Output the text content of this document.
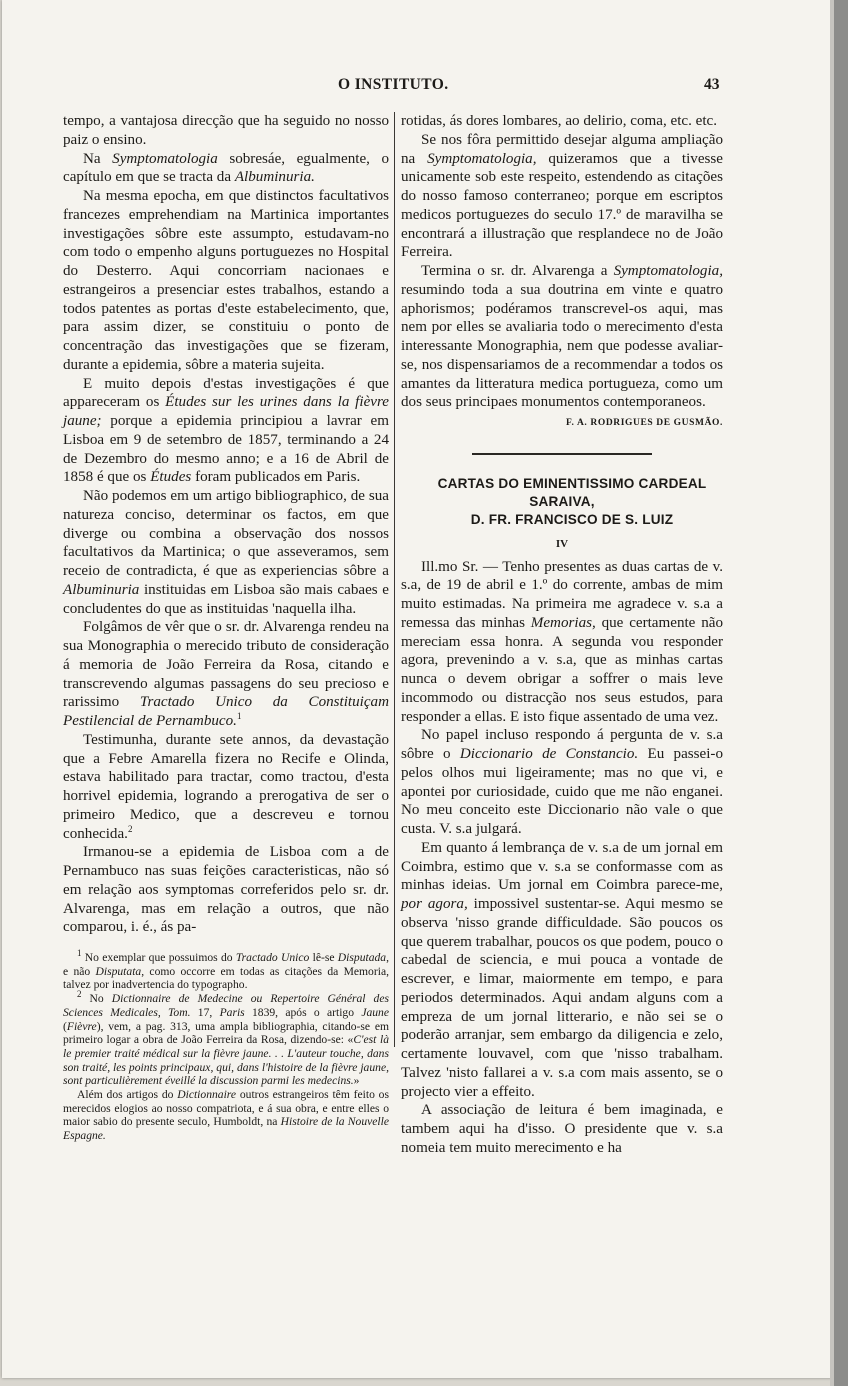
O INSTITUTO.	43

tempo, a vantajosa direcção que ha seguido no nosso paiz o ensino.

Na Symptomatologia sobresáe, egualmente, o capítulo em que se tracta da Albuminuria.

Na mesma epocha, em que distinctos facultativos francezes emprehendiam na Martinica importantes investigações sôbre este assumpto, estudavam-no com todo o empenho alguns portuguezes no Hospital do Desterro. Aqui concorriam nacionaes e estrangeiros a presenciar estes trabalhos, estando a todos patentes as portas d'este estabelecimento, que, para assim dizer, se constituiu o ponto de concentração das investigações que se fizeram, durante a epidemia, sôbre a materia sujeita.

E muito depois d'estas investigações é que appareceram os Études sur les urines dans la fièvre jaune; porque a epidemia principiou a lavrar em Lisboa em 9 de setembro de 1857, terminando a 24 de Dezembro do mesmo anno; e a 16 de Abril de 1858 é que os Études foram publicados em Paris.

Não podemos em um artigo bibliographico, de sua natureza conciso, determinar os factos, em que diverge ou combina a observação dos nossos facultativos da Martinica; o que asseveramos, sem receio de contradicta, é que as experiencias sôbre a Albuminuria instituidas em Lisboa são mais cabaes e concludentes do que as instituidas 'naquella ilha.

Folgâmos de vêr que o sr. dr. Alvarenga rendeu na sua Monographia o merecido tributo de consideração á memoria de João Ferreira da Rosa, citando e transcrevendo algumas passagens do seu precioso e rarissimo Tractado Unico da Constituiçam Pestilencial de Pernambuco.$^1$

Testimunha, durante sete annos, da devastação que a Febre Amarella fizera no Recife e Olinda, estava habilitado para tractar, como tractou, d'esta horrivel epidemia, logrando a prerogativa de ser o primeiro Medico, que a descreveu e tornou conhecida.$^2$

Irmanou-se a epidemia de Lisboa com a de Pernambuco nas suas feições caracteristicas, não só em relação aos symptomas correferidos pelo sr. dr. Alvarenga, mas em relação a outros, que não comparou, i. é., ás pa-

$^1$ No exemplar que possuimos do Tractado Unico lê-se Disputada, e não Disputata, como occorre em todas as citações da Memoria, talvez por inadvertencia do typographo.

$^2$ No Dictionnaire de Medecine ou Repertoire Général des Sciences Medicales, Tom. 17, Paris 1839, após o artigo Jaune (Fièvre), vem, a pag. 313, uma ampla bibliographia, citando-se em primeiro logar a obra de João Ferreira da Rosa, dizendo-se: «C'est là le premier traité médical sur la fièvre jaune. . . L'auteur touche, dans son traité, les points principaux, qui, dans l'histoire de la fièvre jaune, sont particulièrement éveillé la discussion parmi les medecins.»

Além dos artigos do Dictionnaire outros estrangeiros têm feito os merecidos elogios ao nosso compatriota, e á sua obra, e entre elles o maior sabio do presente seculo, Humboldt, na Histoire de la Nouvelle Espagne.

rotidas, ás dores lombares, ao delirio, coma, etc. etc.

Se nos fôra permittido desejar alguma ampliação na Symptomatologia, quizeramos que a tivesse unicamente sob este respeito, estendendo as citações do nosso famoso conterraneo; porque em escriptos medicos portuguezes do seculo 17.º de maravilha se encontrará a illustração que resplandece no de João Ferreira.

Termina o sr. dr. Alvarenga a Symptomatologia, resumindo toda a sua doutrina em vinte e quatro aphorismos; podéramos transcrevel-os aqui, mas nem por elles se avaliaria todo o merecimento d'esta interessante Monographia, nem que podesse avaliar-se, nos dispensariamos de a recommendar a todos os amantes da litteratura medica portugueza, como um dos seus principaes monumentos contemporaneos.

F. A. RODRIGUES DE GUSMÃO.

CARTAS DO EMINENTISSIMO CARDEAL SARAIVA,

D. FR. FRANCISCO DE S. LUIZ

IV

Ill.mo Sr. — Tenho presentes as duas cartas de v. s.a, de 19 de abril e 1.º do corrente, ambas de mim muito estimadas. Na primeira me agradece v. s.a a remessa das minhas Memorias, que certamente não mereciam essa honra. A segunda vou responder agora, prevenindo a v. s.a, que as minhas cartas nunca o devem obrigar a soffrer o mais leve incommodo ou distracção nos seus estudos, para responder a ellas. E isto fique assentado de uma vez.

No papel incluso respondo á pergunta de v. s.a sôbre o Diccionario de Constancio. Eu passei-o pelos olhos mui ligeiramente; mas no que vi, e apontei por curiosidade, cuido que me não enganei. No meu conceito este Diccionario não vale o que custa. V. s.a julgará.

Em quanto á lembrança de v. s.a de um jornal em Coimbra, estimo que v. s.a se conformasse com as minhas ideias. Um jornal em Coimbra parece-me, por agora, impossivel sustentar-se. Aqui mesmo se observa 'nisso grande difficuldade. São poucos os que querem trabalhar, poucos os que podem, pouco o cabedal de sciencia, e mui pouca a vontade de escrever, e limar, maiormente em tempo, e para periodos determinados. Aqui andam alguns com a empreza de um jornal litterario, e não sei se o poderão arranjar, sem embargo da diligencia e zelo, certamente louvavel, com que 'nisso trabalham. Talvez 'nisto fallarei a v. s.a com mais assento, se o projecto vier a effeito.

A associação de leitura é bem imaginada, e tambem aqui ha d'isso. O presidente que v. s.a nomeia tem muito merecimento e ha
